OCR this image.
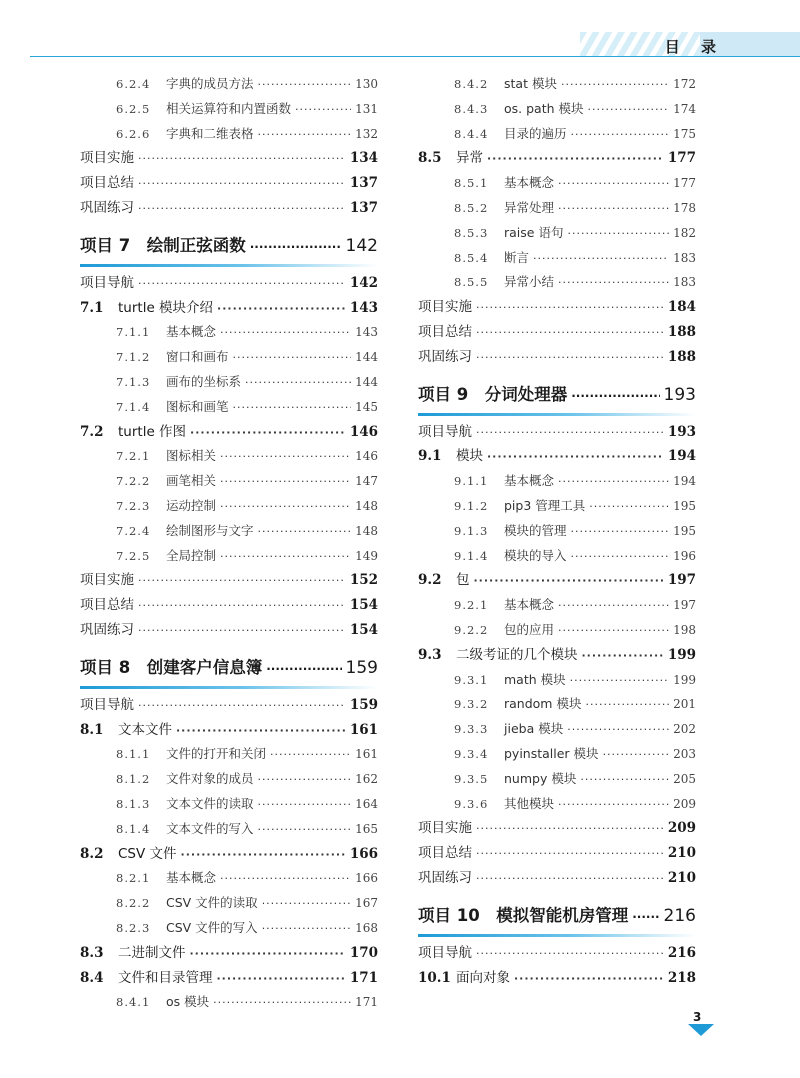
目 录
6.2.4	字典的成员方法 ·····	130
6.2.5	相关运算符和内置函数 ·····	131
6.2.6	字典和二维表格 ·····	132
项目实施 ·····	134
项目总结 ·····	137
巩固练习 ·····	137
项目 7　绘制正弦函数 ·····	142
项目导航 ·····	142
7.1	turtle 模块介绍 ·····	143
7.1.1	基本概念 ·····	143
7.1.2	窗口和画布 ·····	144
7.1.3	画布的坐标系 ·····	144
7.1.4	图标和画笔 ·····	145
7.2	turtle 作图 ·····	146
7.2.1	图标相关 ·····	146
7.2.2	画笔相关 ·····	147
7.2.3	运动控制 ·····	148
7.2.4	绘制图形与文字 ·····	148
7.2.5	全局控制 ·····	149
项目实施 ·····	152
项目总结 ·····	154
巩固练习 ·····	154
项目 8　创建客户信息簿 ·····	159
项目导航 ·····	159
8.1	文本文件 ·····	161
8.1.1	文件的打开和关闭 ·····	161
8.1.2	文件对象的成员 ·····	162
8.1.3	文本文件的读取 ·····	164
8.1.4	文本文件的写入 ·····	165
8.2	CSV 文件 ·····	166
8.2.1	基本概念 ·····	166
8.2.2	CSV 文件的读取 ·····	167
8.2.3	CSV 文件的写入 ·····	168
8.3	二进制文件 ·····	170
8.4	文件和目录管理 ·····	171
8.4.1	os 模块 ·····	171
8.4.2	stat 模块 ·····	172
8.4.3	os. path 模块 ·····	174
8.4.4	目录的遍历 ·····	175
8.5	异常 ·····	177
8.5.1	基本概念 ·····	177
8.5.2	异常处理 ·····	178
8.5.3	raise 语句 ·····	182
8.5.4	断言 ·····	183
8.5.5	异常小结 ·····	183
项目实施 ·····	184
项目总结 ·····	188
巩固练习 ·····	188
项目 9　分词处理器 ·····	193
项目导航 ·····	193
9.1	模块 ·····	194
9.1.1	基本概念 ·····	194
9.1.2	pip3 管理工具 ·····	195
9.1.3	模块的管理 ·····	195
9.1.4	模块的导入 ·····	196
9.2	包 ·····	197
9.2.1	基本概念 ·····	197
9.2.2	包的应用 ·····	198
9.3	二级考证的几个模块 ·····	199
9.3.1	math 模块 ·····	199
9.3.2	random 模块 ·····	201
9.3.3	jieba 模块 ·····	202
9.3.4	pyinstaller 模块 ·····	203
9.3.5	numpy 模块 ·····	205
9.3.6	其他模块 ·····	209
项目实施 ·····	209
项目总结 ·····	210
巩固练习 ·····	210
项目 10　模拟智能机房管理 ····· 216
项目导航 ·····	216
10.1 面向对象 ·····	218
3
